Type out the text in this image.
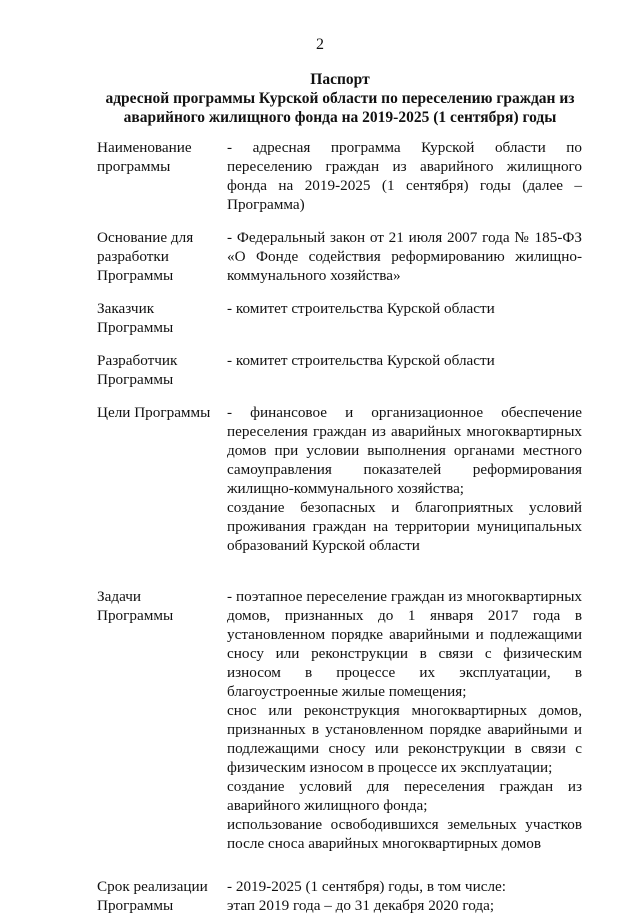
2
Паспорт
адресной программы Курской области по переселению граждан из
аварийного жилищного фонда на 2019-2025 (1 сентября) годы
Наименование
программы
- адресная программа Курской области по
переселению граждан из аварийного жилищного
фонда на 2019-2025 (1 сентября) годы (далее –
Программа)
Основание для
разработки
Программы
- Федеральный закон от 21 июля 2007 года № 185-ФЗ
«О Фонде содействия реформированию жилищно-
коммунального хозяйства»
Заказчик
Программы
- комитет строительства Курской области
Разработчик
Программы
- комитет строительства Курской области
Цели Программы	- финансовое и организационное обеспечение
переселения граждан из аварийных многоквартирных
домов при условии выполнения органами местного
самоуправления показателей реформирования
жилищно-коммунального хозяйства;
создание безопасных и благоприятных условий
проживания граждан на территории муниципальных
образований Курской области
Задачи
Программы
- поэтапное переселение граждан из многоквартирных
домов, признанных до 1 января 2017 года в
установленном порядке аварийными и подлежащими
сносу или реконструкции в связи с физическим
износом в процессе их эксплуатации, в
благоустроенные жилые помещения;
снос или реконструкция многоквартирных домов,
признанных в установленном порядке аварийными и
подлежащими сносу или реконструкции в связи с
физическим износом в процессе их эксплуатации;
создание условий для переселения граждан из
аварийного жилищного фонда;
использование освободившихся земельных участков
после сноса аварийных многоквартирных домов
Срок реализации
Программы
- 2019-2025 (1 сентября) годы, в том числе:
этап 2019 года – до 31 декабря 2020 года;
